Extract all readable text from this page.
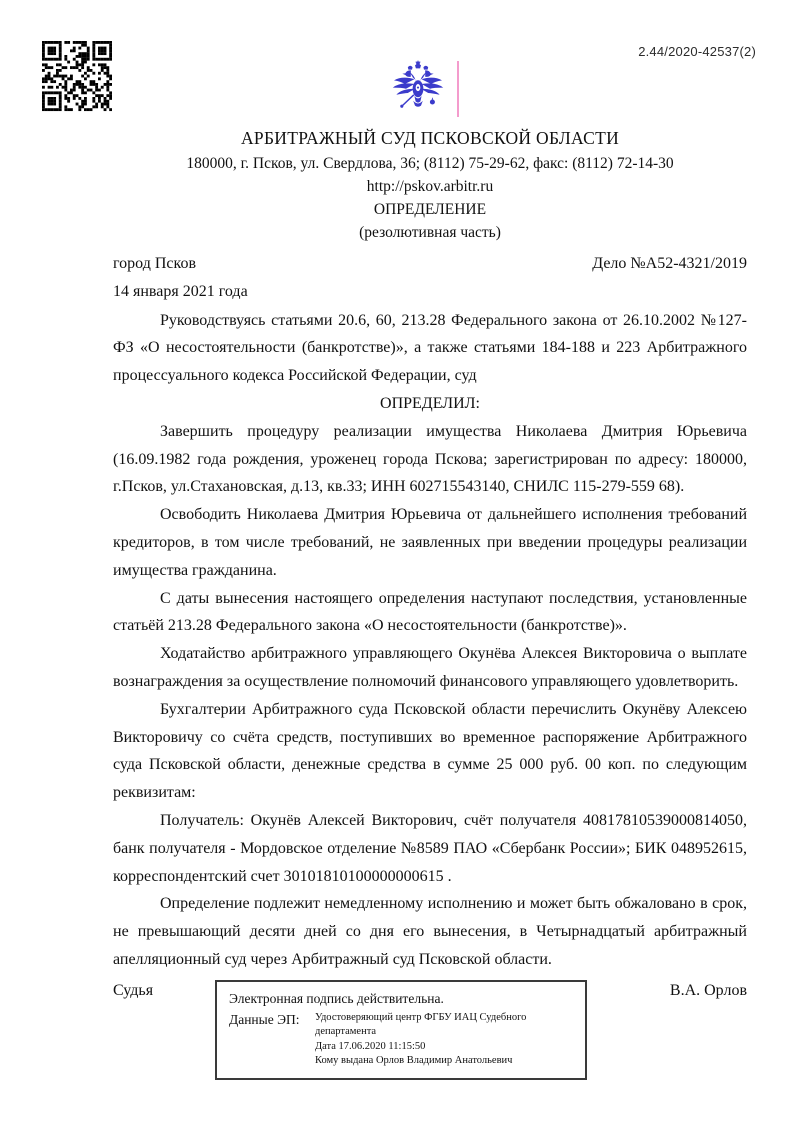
2.44/2020-42537(2)
АРБИТРАЖНЫЙ СУД ПСКОВСКОЙ ОБЛАСТИ
180000, г. Псков, ул. Свердлова, 36; (8112) 75-29-62, факс: (8112) 72-14-30
http://pskov.arbitr.ru
ОПРЕДЕЛЕНИЕ
(резолютивная часть)
город Псков	Дело №А52-4321/2019
14 января 2021 года

Руководствуясь статьями 20.6, 60, 213.28 Федерального закона от 26.10.2002 №127-ФЗ «О несостоятельности (банкротстве)», а также статьями 184-188 и 223 Арбитражного процессуального кодекса Российской Федерации, суд

ОПРЕДЕЛИЛ:

Завершить процедуру реализации имущества Николаева Дмитрия Юрьевича (16.09.1982 года рождения, уроженец города Пскова; зарегистрирован по адресу: 180000, г.Псков, ул.Стахановская, д.13, кв.33; ИНН 602715543140, СНИЛС 115-279-559 68).

Освободить Николаева Дмитрия Юрьевича от дальнейшего исполнения требований кредиторов, в том числе требований, не заявленных при введении процедуры реализации имущества гражданина.

С даты вынесения настоящего определения наступают последствия, установленные статьёй 213.28 Федерального закона «О несостоятельности (банкротстве)».

Ходатайство арбитражного управляющего Окунёва Алексея Викторовича о выплате вознаграждения за осуществление полномочий финансового управляющего удовлетворить.

Бухгалтерии Арбитражного суда Псковской области перечислить Окунёву Алексею Викторовичу со счёта средств, поступивших во временное распоряжение Арбитражного суда Псковской области, денежные средства в сумме 25 000 руб. 00 коп. по следующим реквизитам:

Получатель: Окунёв Алексей Викторович, счёт получателя 40817810539000814050, банк получателя - Мордовское отделение №8589 ПАО «Сбербанк России»; БИК 048952615, корреспондентский счет 30101810100000000615 .

Определение подлежит немедленному исполнению и может быть обжаловано в срок, не превышающий десяти дней со дня его вынесения, в Четырнадцатый арбитражный апелляционный суд через Арбитражный суд Псковской области.

Судья	Электронная подпись действительна.
Данные ЭП:	Удостоверяющий центр ФГБУ ИАЦ Судебного департамента
Дата 17.06.2020 11:15:50
Кому выдана Орлов Владимир Анатольевич
В.А. Орлов
